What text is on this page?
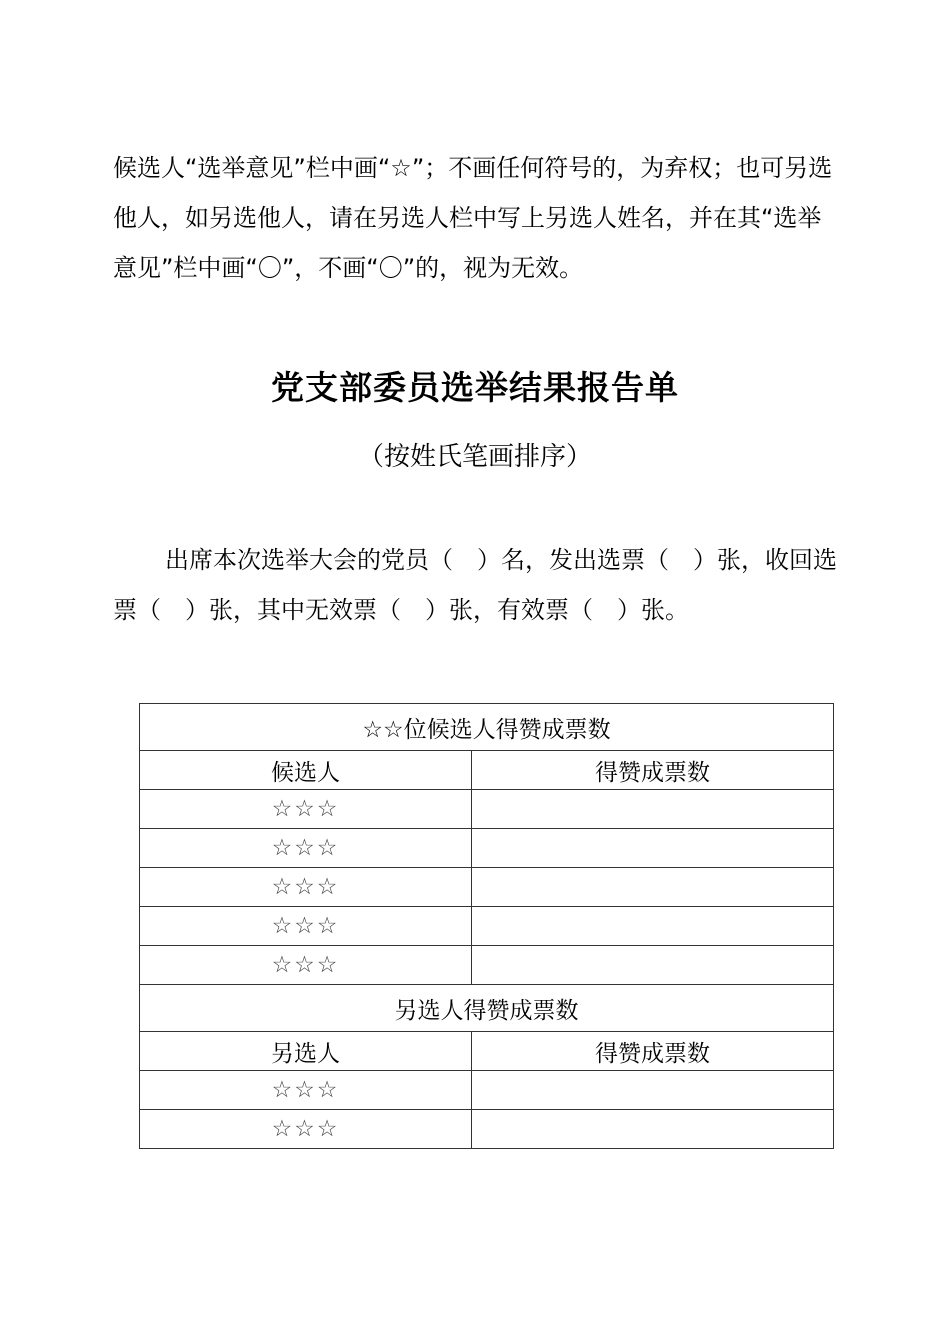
候选人“选举意见”栏中画“☆”；不画任何符号的，为弃权；也可另选他人，如另选他人，请在另选人栏中写上另选人姓名，并在其“选举意见”栏中画“〇”，不画“〇”的，视为无效。

党支部委员选举结果报告单
（按姓氏笔画排序）

出席本次选举大会的党员（　）名，发出选票（　）张，收回选票（　）张，其中无效票（　）张，有效票（　）张。

☆☆位候选人得赞成票数	
候选人	得赞成票数
☆☆☆	
☆☆☆	
☆☆☆	
☆☆☆	
☆☆☆	
另选人得赞成票数	
另选人	得赞成票数
☆☆☆	
☆☆☆	
